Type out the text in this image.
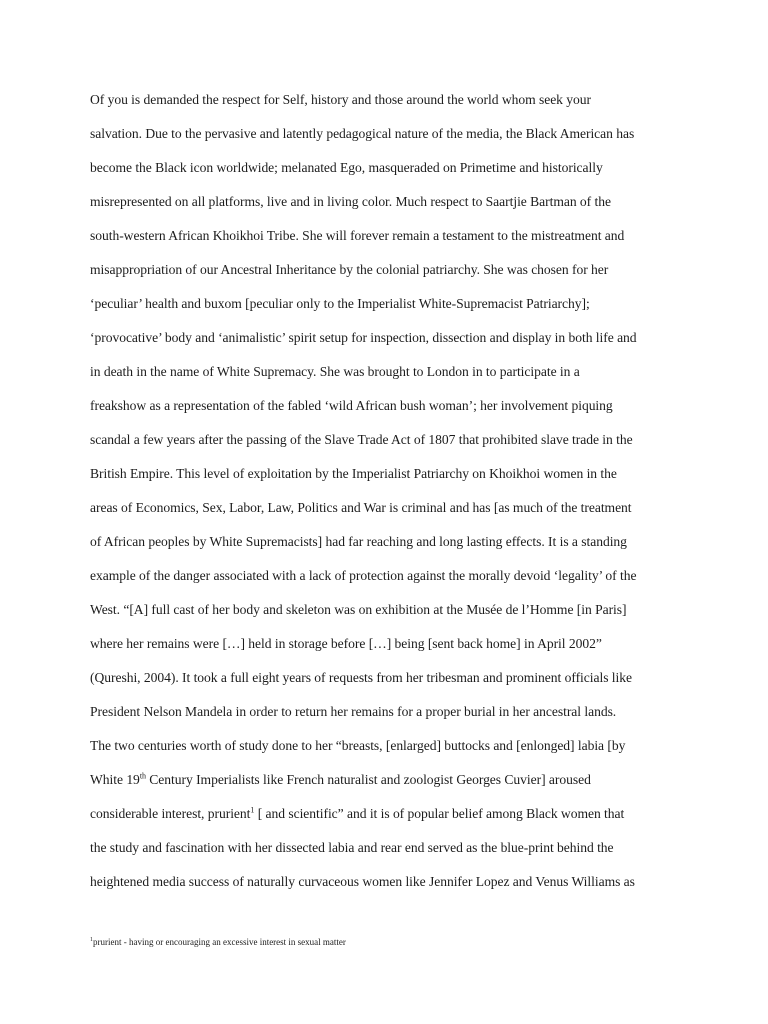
Of you is demanded the respect for Self, history and those around the world whom seek your
salvation. Due to the pervasive and latently pedagogical nature of the media, the Black American has
become the Black icon worldwide; melanated Ego, masqueraded on Primetime and historically
misrepresented on all platforms, live and in living color. Much respect to Saartjie Bartman of the
south-western African Khoikhoi Tribe. She will forever remain a testament to the mistreatment and
misappropriation of our Ancestral Inheritance by the colonial patriarchy. She was chosen for her
‘peculiar’ health and buxom [peculiar only to the Imperialist White-Supremacist Patriarchy];
‘provocative’ body and ‘animalistic’ spirit setup for inspection, dissection and display in both life and
in death in the name of White Supremacy. She was brought to London in to participate in a
freakshow as a representation of the fabled ‘wild African bush woman’; her involvement piquing
scandal a few years after the passing of the Slave Trade Act of 1807 that prohibited slave trade in the
British Empire. This level of exploitation by the Imperialist Patriarchy on Khoikhoi women in the
areas of Economics, Sex, Labor, Law, Politics and War is criminal and has [as much of the treatment
of African peoples by White Supremacists] had far reaching and long lasting effects. It is a standing
example of the danger associated with a lack of protection against the morally devoid ‘legality’ of the
West. “[A] full cast of her body and skeleton was on exhibition at the Musée de l’Homme [in Paris]
where her remains were […] held in storage before […] being [sent back home] in April 2002”
(Qureshi, 2004). It took a full eight years of requests from her tribesman and prominent officials like
President Nelson Mandela in order to return her remains for a proper burial in her ancestral lands.
The two centuries worth of study done to her “breasts, [enlarged] buttocks and [enlonged] labia [by
White 19th Century Imperialists like French naturalist and zoologist Georges Cuvier] aroused
considerable interest, prurient$^1$ [ and scientific” and it is of popular belief among Black women that
the study and fascination with her dissected labia and rear end served as the blue-print behind the
heightened media success of naturally curvaceous women like Jennifer Lopez and Venus Williams as
$^1$prurient - having or encouraging an excessive interest in sexual matter
